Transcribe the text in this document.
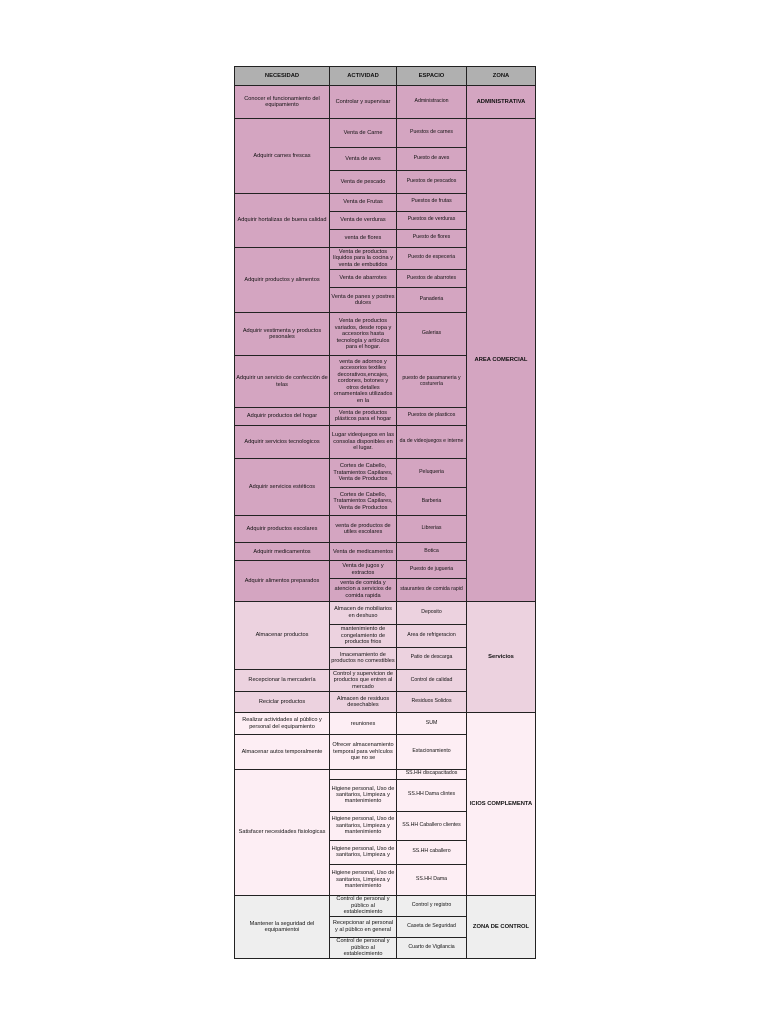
NECESIDAD	ACTIVIDAD	ESPACIO	ZONA
Conocer el funcionamiento del equipamiento	Controlar y supervisar	Administracion	ADMINISTRATIVA
Adquirir carnes frescas	Venta de Carne	Puestos de carnes	AREA COMERCIAL
	Venta de aves	Puesto de aves	
	Venta de pescado	Puestos de pescados	
Adquirir hortalizas de buena calidad	Venta de Frutas	Puestos de frutas	
	Venta de verduras	Puestos de verduras	
	venta de flores	Puesto de flores	
Adquirir productos y alimentos	Venta de productos líquidos para la cocina y venta de embutidos	Puesto de especeria	
	Venta de abarrotes	Puestos de abarrotes	
	Venta de panes y postres dulces	Panaderia	
Adquirir vestimenta y productos pesonales	Venta de productos variados, desde ropa y accesorios hasta tecnología y artículos para el hogar.	Galerias	
Adquirir un servicio de confección de telas	venta de adornos y accesorios textiles decorativos,encajes, cordones, botones y otros detalles ornamentales utilizados en la	puesto de pasamaneria y costurería	
Adquirir productos del hogar	Venta de productos plásticos para el hogar	Puestos de plasticos	
Adquirir servicios tecnologicos	Lugar videojuegos en las consolas disponibles en el lugar.	da de videojuegos e interne	
Adquirir servicios estéticos	Cortes de Cabello, Tratamientos Capilares, Venta de Productos	Peluqueria	
	Cortes de Cabello, Tratamientos Capilares, Venta de Productos	Barberia	
Adquirir productos escolares	venta de productos de utiles escolares	Librerias	
Adquirir medicamentos	Venta de medicamentos	Botica	
Adquirir alimentos preparados	Venta de jugos y extractos	Puesto de jugueria	
	venta de comida y atencion a servicios de comida rapida	staurantes de comida rapid	
Almacenar productos	Almacen de mobiliarios en deshuso	Deposito	Servicios
	mantenimiento de congelamiento de productos frios	Area de refrigeracion	
	lmacenamiento de productos no comestibles	Patio de descarga	
Recepcionar la mercadería	Control y supervicion de productos que entren al mercado	Control de calidad	
Reciclar productos	Almacen de residuos desechables	Residuos Solidos	
Realizar actividades al público y personal del equipamiento	reuniones	SUM	ICIOS COMPLEMENTA
Almacenar autos temporalmente	Ofrecer almacenamiento temporal para vehículos que no se	Estacionamiento	
Satisfacer necesidades fisiologicas		SS.HH discapacitados	
	Higiene personal, Uso de sanitarios, Limpieza y mantenimiento	SS.HH Dama clintes	
	Higiene personal, Uso de sanitarios, Limpieza y mantenimiento	SS.HH Caballero clientes	
	Higiene personal, Uso de sanitarios, Limpieza y	SS.HH caballero	
	Higiene personal, Uso de sanitarios, Limpieza y mantenimiento	SS.HH Dama	
Mantener la seguridad del equipamientoi	Control de personal y público al establecimiento	Control y registro	ZONA DE CONTROL
	Recepcionar al personal y al público en general	Caseta de Seguridad	
	Control de personal y público al establecimiento	Cuarto de Vigilancia	
